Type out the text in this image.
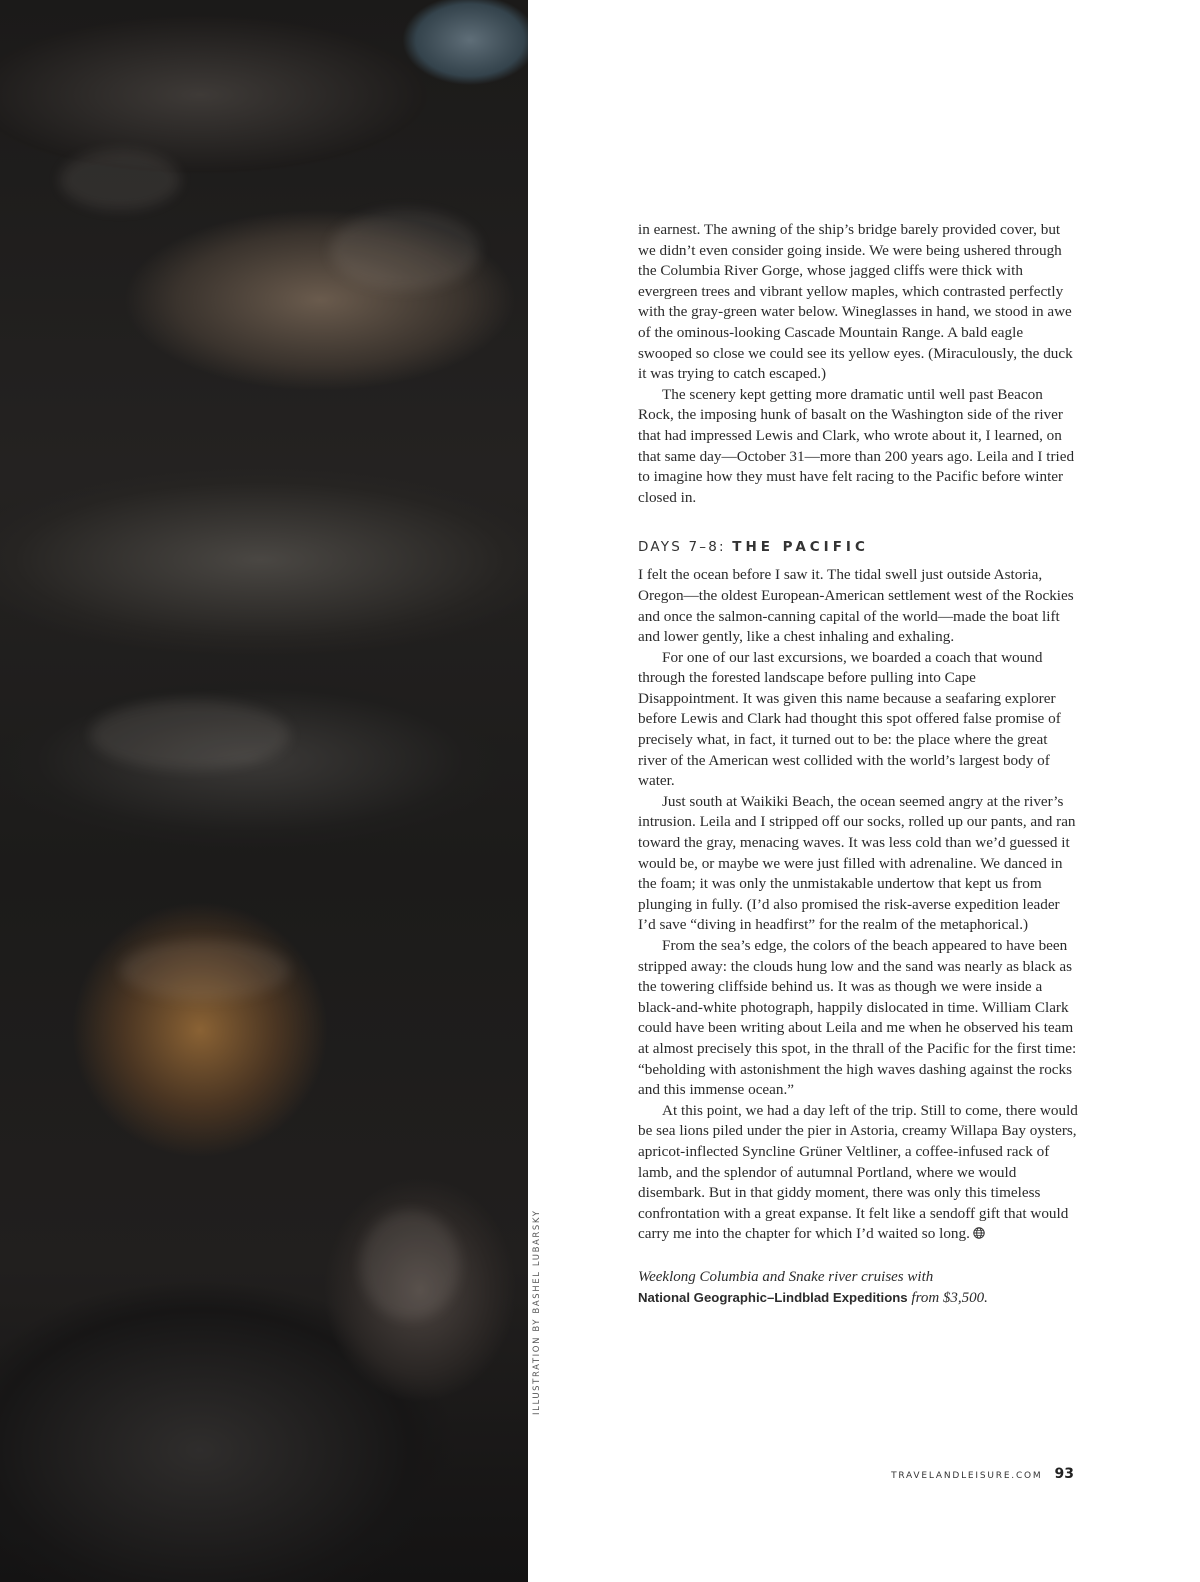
ILLUSTRATION BY BASHEL LUBARSKY

in earnest. The awning of the ship’s bridge barely provided cover, but we didn’t even consider going inside. We were being ushered through the Columbia River Gorge, whose jagged cliffs were thick with evergreen trees and vibrant yellow maples, which contrasted perfectly with the gray-green water below. Wineglasses in hand, we stood in awe of the ominous-looking Cascade Mountain Range. A bald eagle swooped so close we could see its yellow eyes. (Miraculously, the duck it was trying to catch escaped.)

The scenery kept getting more dramatic until well past Beacon Rock, the imposing hunk of basalt on the Washington side of the river that had impressed Lewis and Clark, who wrote about it, I learned, on that same day—October 31—more than 200 years ago. Leila and I tried to imagine how they must have felt racing to the Pacific before winter closed in.

DAYS 7–8: THE PACIFIC

I felt the ocean before I saw it. The tidal swell just outside Astoria, Oregon—the oldest European-American settlement west of the Rockies and once the salmon-canning capital of the world—made the boat lift and lower gently, like a chest inhaling and exhaling.

For one of our last excursions, we boarded a coach that wound through the forested landscape before pulling into Cape Disappointment. It was given this name because a seafaring explorer before Lewis and Clark had thought this spot offered false promise of precisely what, in fact, it turned out to be: the place where the great river of the American west collided with the world’s largest body of water.

Just south at Waikiki Beach, the ocean seemed angry at the river’s intrusion. Leila and I stripped off our socks, rolled up our pants, and ran toward the gray, menacing waves. It was less cold than we’d guessed it would be, or maybe we were just filled with adrenaline. We danced in the foam; it was only the unmistakable undertow that kept us from plunging in fully. (I’d also promised the risk-averse expedition leader I’d save “diving in headfirst” for the realm of the metaphorical.)

From the sea’s edge, the colors of the beach appeared to have been stripped away: the clouds hung low and the sand was nearly as black as the towering cliffside behind us. It was as though we were inside a black-and-white photograph, happily dislocated in time. William Clark could have been writing about Leila and me when he observed his team at almost precisely this spot, in the thrall of the Pacific for the first time: “beholding with astonishment the high waves dashing against the rocks and this immense ocean.”

At this point, we had a day left of the trip. Still to come, there would be sea lions piled under the pier in Astoria, creamy Willapa Bay oysters, apricot-inflected Syncline Grüner Veltliner, a coffee-infused rack of lamb, and the splendor of autumnal Portland, where we would disembark. But in that giddy moment, there was only this timeless confrontation with a great expanse. It felt like a sendoff gift that would carry me into the chapter for which I’d waited so long.

Weeklong Columbia and Snake river cruises with
National Geographic–Lindblad Expeditions from $3,500.
TRAVELANDLEISURE.COM 93
